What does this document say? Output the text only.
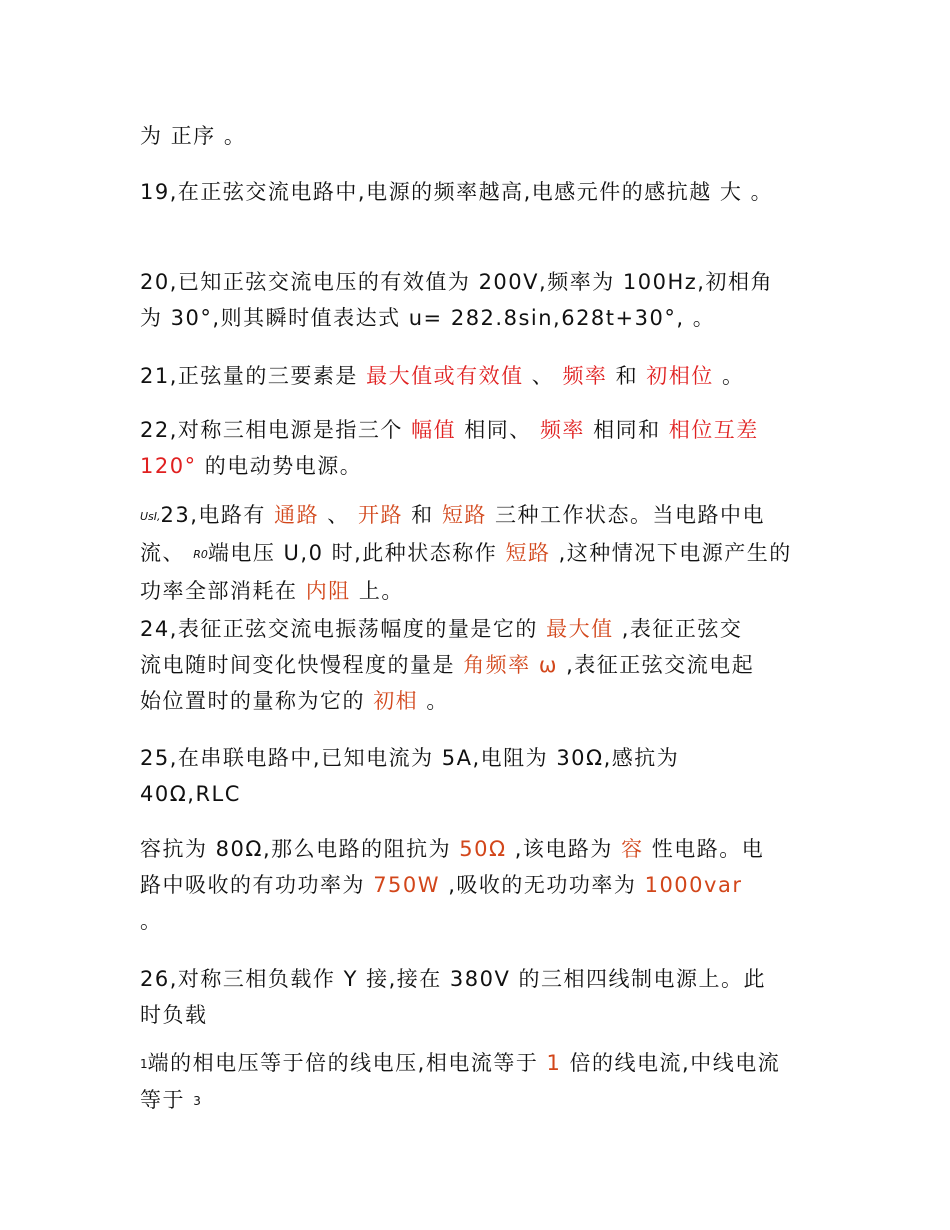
为 正序 。
19,在正弦交流电路中,电源的频率越高,电感元件的感抗越 大 。
20,已知正弦交流电压的有效值为 200V,频率为 100Hz,初相角
为 30°,则其瞬时值表达式 u= 282.8sin,628t+30°, 。
21,正弦量的三要素是 最大值或有效值 、 频率 和 初相位 。
22,对称三相电源是指三个 幅值 相同、 频率 相同和 相位互差
120° 的电动势电源。
UsI,23,电路有 通路 、 开路 和 短路 三种工作状态。当电路中电
流、 R0端电压 U,0 时,此种状态称作 短路 ,这种情况下电源产生的
功率全部消耗在 内阻 上。
24,表征正弦交流电振荡幅度的量是它的 最大值 ,表征正弦交
流电随时间变化快慢程度的量是 角频率 ω ,表征正弦交流电起
始位置时的量称为它的 初相 。
25,在串联电路中,已知电流为 5A,电阻为 30Ω,感抗为
40Ω,RLC
容抗为 80Ω,那么电路的阻抗为 50Ω ,该电路为 容 性电路。电
路中吸收的有功功率为 750W ,吸收的无功功率为 1000var
。
26,对称三相负载作 Y 接,接在 380V 的三相四线制电源上。此
时负载
1端的相电压等于倍的线电压,相电流等于 1 倍的线电流,中线电流
等于 3
